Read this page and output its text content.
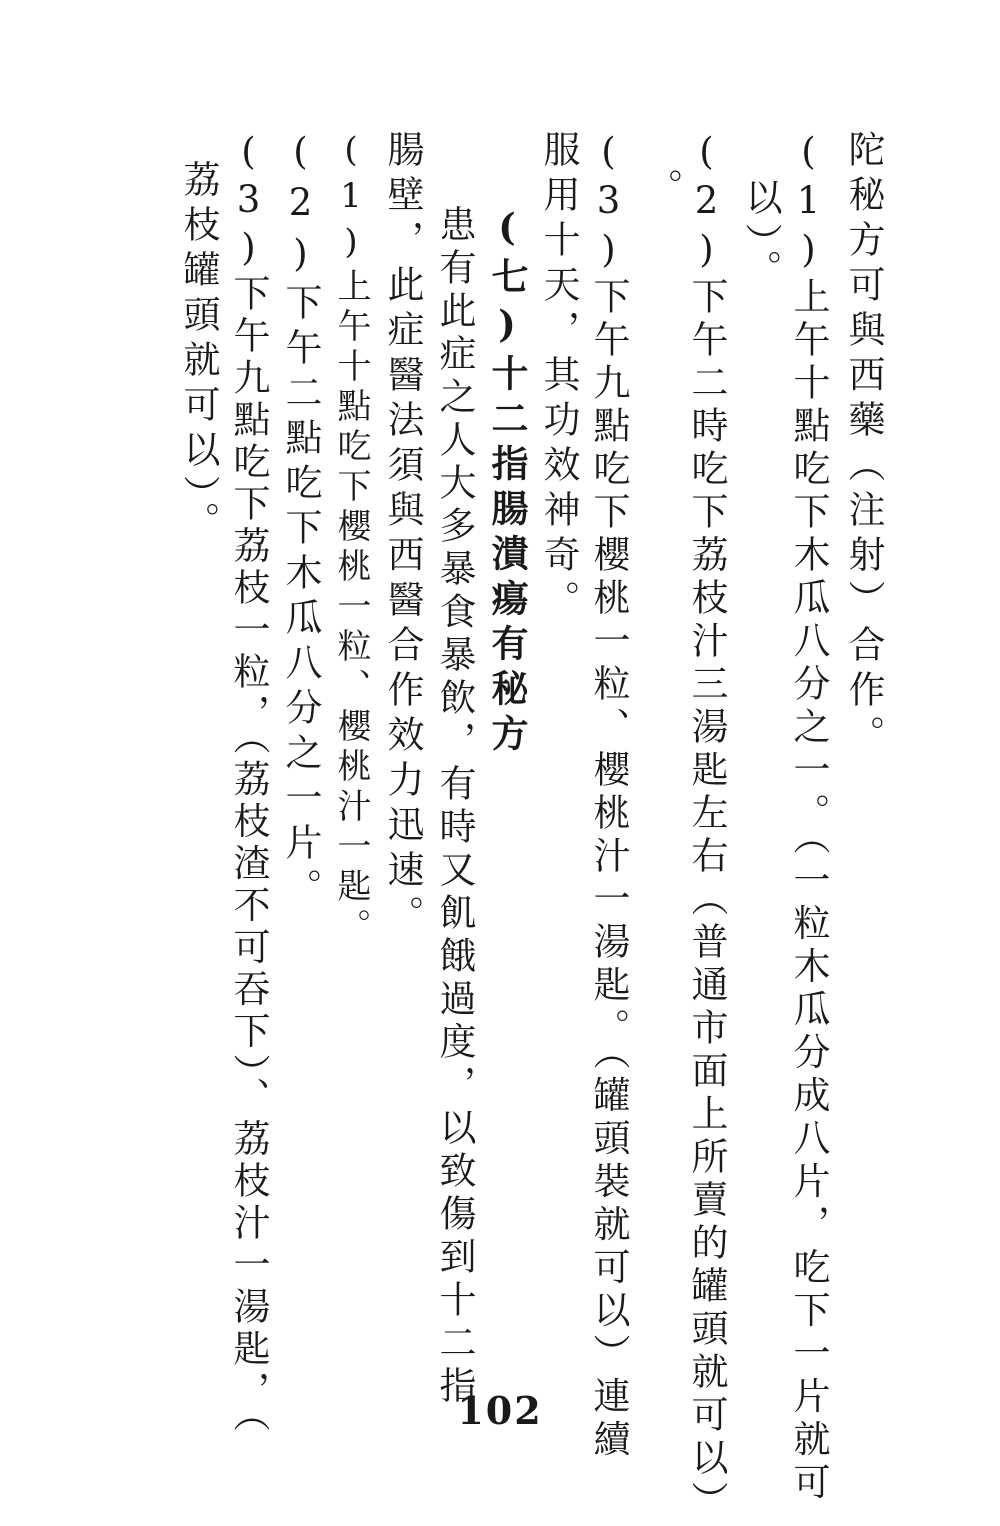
陀秘方可與西藥（注射）合作。
(1)上午十點吃下木瓜八分之一。（一粒木瓜分成八片，吃下一片就可
以）。
(2)下午二時吃下荔枝汁三湯匙左右（普通市面上所賣的罐頭就可以）
。
(3)下午九點吃下櫻桃一粒、櫻桃汁一湯匙。（罐頭裝就可以）連續
服用十天，其功效神奇。
(七)十二指腸潰瘍有秘方
患有此症之人大多暴食暴飲，有時又飢餓過度，以致傷到十二指
腸壁，此症醫法須與西醫合作效力迅速。
(1)上午十點吃下櫻桃一粒、櫻桃汁一匙。
(2)下午二點吃下木瓜八分之一片。
(3)下午九點吃下荔枝一粒，（荔枝渣不可吞下）、荔枝汁一湯匙，（
荔枝罐頭就可以）。
102
